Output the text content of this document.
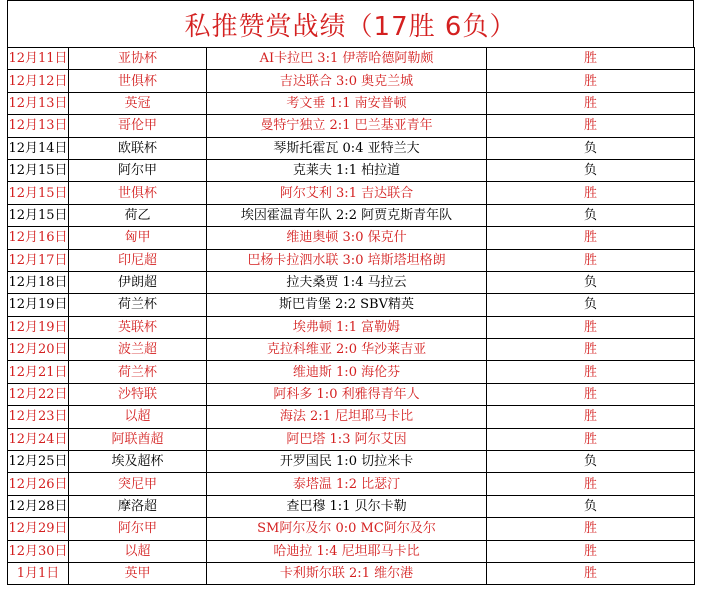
私推赞赏战绩（17胜 6负）
12月11日	亚协杯	AI卡拉巴 3:1 伊蒂哈德阿勒颇	胜
12月12日	世俱杯	吉达联合 3:0 奥克兰城	胜
12月13日	英冠	考文垂 1:1 南安普顿	胜
12月13日	哥伦甲	曼特宁独立 2:1 巴兰基亚青年	胜
12月14日	欧联杯	琴斯托霍瓦 0:4 亚特兰大	负
12月15日	阿尔甲	克莱夫 1:1 柏拉道	负
12月15日	世俱杯	阿尔艾利 3:1 吉达联合	胜
12月15日	荷乙	埃因霍温青年队 2:2 阿贾克斯青年队	负
12月16日	匈甲	维迪奥顿 3:0 保克什	胜
12月17日	印尼超	巴杨卡拉泗水联 3:0 培斯塔坦格朗	胜
12月18日	伊朗超	拉夫桑贾 1:4 马拉云	负
12月19日	荷兰杯	斯巴肯堡 2:2 SBV精英	负
12月19日	英联杯	埃弗顿 1:1 富勒姆	胜
12月20日	波兰超	克拉科维亚 2:0 华沙莱吉亚	胜
12月21日	荷兰杯	维迪斯 1:0 海伦芬	胜
12月22日	沙特联	阿科多 1:0 利雅得青年人	胜
12月23日	以超	海法 2:1 尼坦耶马卡比	胜
12月24日	阿联酋超	阿巴塔 1:3 阿尔艾因	胜
12月25日	埃及超杯	开罗国民 1:0 切拉米卡	负
12月26日	突尼甲	泰塔温 1:2 比瑟汀	胜
12月28日	摩洛超	查巴穆 1:1 贝尔卡勒	负
12月29日	阿尔甲	SM阿尔及尔 0:0 MC阿尔及尔	胜
12月30日	以超	哈迪拉 1:4 尼坦耶马卡比	胜
1月1日	英甲	卡利斯尔联 2:1 维尔港	胜
